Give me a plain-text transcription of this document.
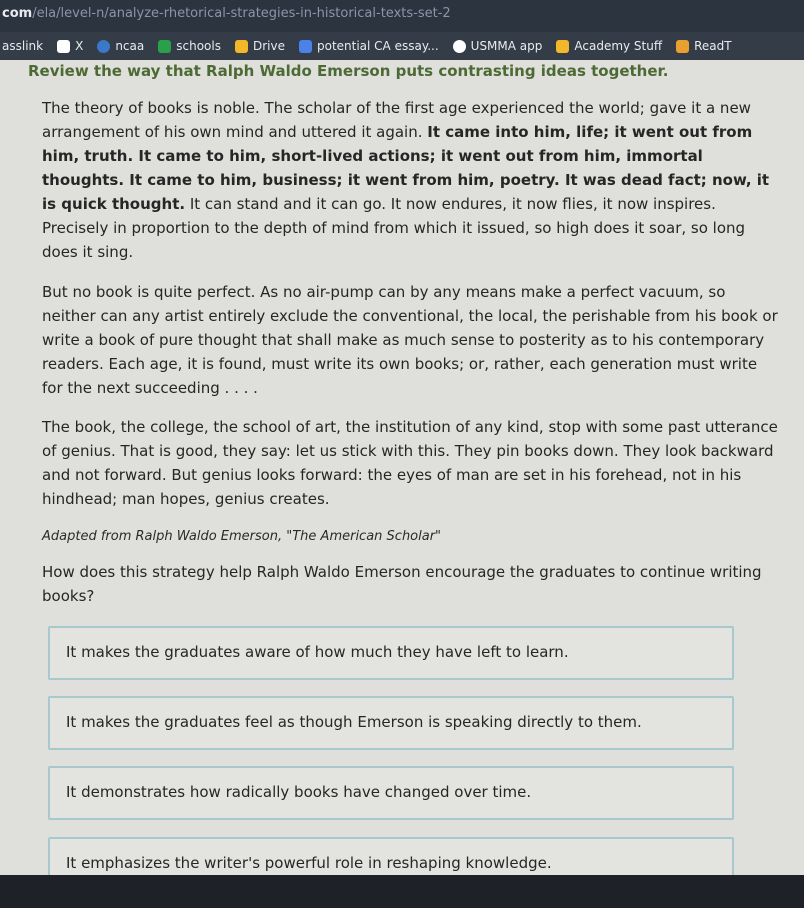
com/ela/level-n/analyze-rhetorical-strategies-in-historical-texts-set-2
asslink	X	ncaa	schools	Drive	potential CA essay...	USMMA app	Academy Stuff	ReadT
Review the way that Ralph Waldo Emerson puts contrasting ideas together.
The theory of books is noble. The scholar of the first age experienced the world; gave it a new arrangement of his own mind and uttered it again. It came into him, life; it went out from him, truth. It came to him, short-lived actions; it went out from him, immortal thoughts. It came to him, business; it went from him, poetry. It was dead fact; now, it is quick thought. It can stand and it can go. It now endures, it now flies, it now inspires. Precisely in proportion to the depth of mind from which it issued, so high does it soar, so long does it sing.
But no book is quite perfect. As no air-pump can by any means make a perfect vacuum, so neither can any artist entirely exclude the conventional, the local, the perishable from his book or write a book of pure thought that shall make as much sense to posterity as to his contemporary readers. Each age, it is found, must write its own books; or, rather, each generation must write for the next succeeding . . . .
The book, the college, the school of art, the institution of any kind, stop with some past utterance of genius. That is good, they say: let us stick with this. They pin books down. They look backward and not forward. But genius looks forward: the eyes of man are set in his forehead, not in his hindhead; man hopes, genius creates.
Adapted from Ralph Waldo Emerson, "The American Scholar"
How does this strategy help Ralph Waldo Emerson encourage the graduates to continue writing books?
It makes the graduates aware of how much they have left to learn.
It makes the graduates feel as though Emerson is speaking directly to them.
It demonstrates how radically books have changed over time.
It emphasizes the writer's powerful role in reshaping knowledge.
